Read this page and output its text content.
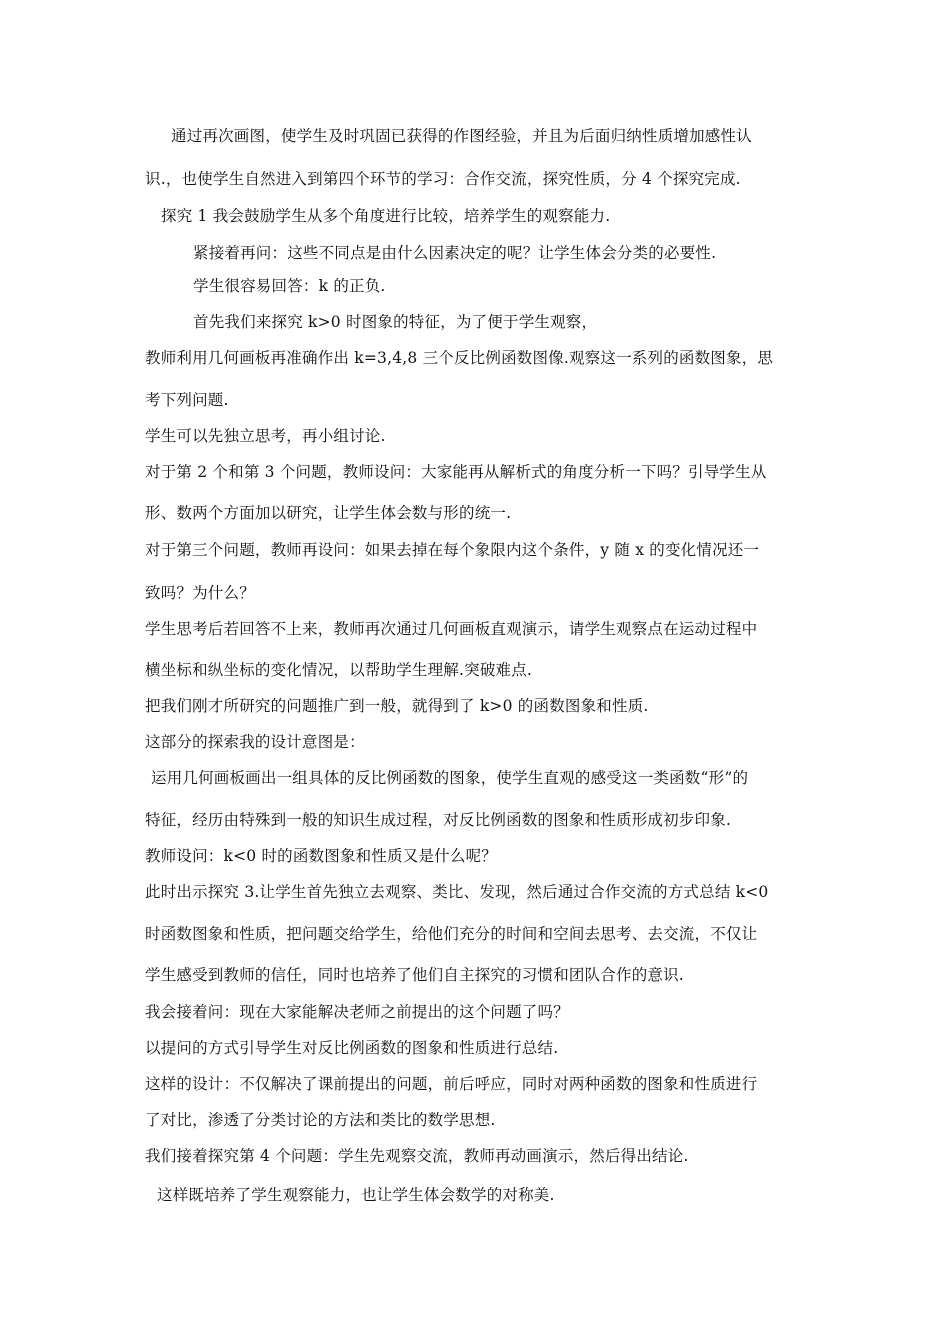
通过再次画图，使学生及时巩固已获得的作图经验，并且为后面归纳性质增加感性认
识.，也使学生自然进入到第四个环节的学习：合作交流，探究性质，分 4 个探究完成.
探究 1 我会鼓励学生从多个角度进行比较，培养学生的观察能力.
紧接着再问：这些不同点是由什么因素决定的呢？让学生体会分类的必要性.
学生很容易回答：k 的正负.
首先我们来探究 k>0 时图象的特征，为了便于学生观察，
教师利用几何画板再准确作出 k=3,4,8 三个反比例函数图像.观察这一系列的函数图象，思
考下列问题.
学生可以先独立思考，再小组讨论.
对于第 2 个和第 3 个问题，教师设问：大家能再从解析式的角度分析一下吗？引导学生从
形、数两个方面加以研究，让学生体会数与形的统一.
对于第三个问题，教师再设问：如果去掉在每个象限内这个条件，y 随 x 的变化情况还一
致吗？为什么？
学生思考后若回答不上来，教师再次通过几何画板直观演示，请学生观察点在运动过程中
横坐标和纵坐标的变化情况，以帮助学生理解.突破难点.
把我们刚才所研究的问题推广到一般，就得到了 k>0 的函数图象和性质.
这部分的探索我的设计意图是：
运用几何画板画出一组具体的反比例函数的图象，使学生直观的感受这一类函数“形”的
特征，经历由特殊到一般的知识生成过程，对反比例函数的图象和性质形成初步印象.
教师设问：k<0 时的函数图象和性质又是什么呢？
此时出示探究 3.让学生首先独立去观察、类比、发现，然后通过合作交流的方式总结 k<0
时函数图象和性质，把问题交给学生，给他们充分的时间和空间去思考、去交流，不仅让
学生感受到教师的信任，同时也培养了他们自主探究的习惯和团队合作的意识.
我会接着问：现在大家能解决老师之前提出的这个问题了吗？
以提问的方式引导学生对反比例函数的图象和性质进行总结.
这样的设计：不仅解决了课前提出的问题，前后呼应，同时对两种函数的图象和性质进行
了对比，渗透了分类讨论的方法和类比的数学思想.
我们接着探究第 4 个问题：学生先观察交流，教师再动画演示，然后得出结论.
这样既培养了学生观察能力，也让学生体会数学的对称美.
